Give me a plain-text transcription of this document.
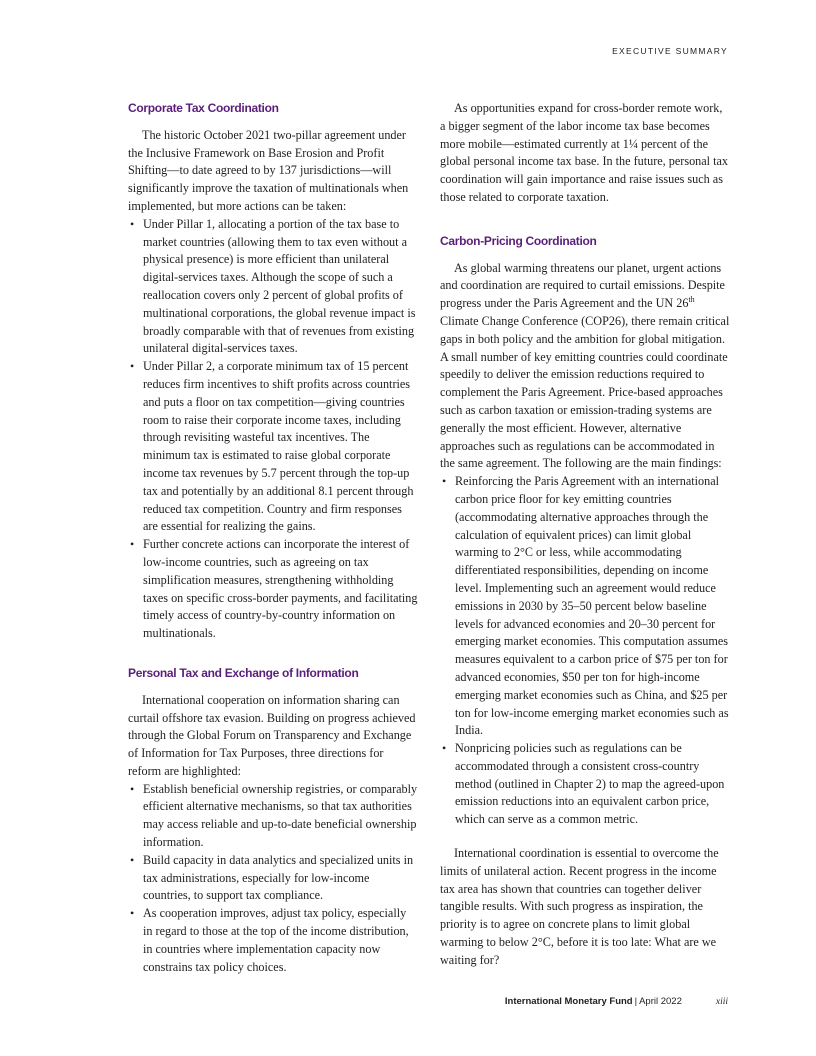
EXECUTIVE SUMMARY
Corporate Tax Coordination

The historic October 2021 two-pillar agreement under the Inclusive Framework on Base Erosion and Profit Shifting—to date agreed to by 137 jurisdictions—will significantly improve the taxation of multinationals when implemented, but more actions can be taken:

• Under Pillar 1, allocating a portion of the tax base to market countries (allowing them to tax even without a physical presence) is more efficient than unilateral digital-services taxes. Although the scope of such a reallocation covers only 2 percent of global profits of multinational corporations, the global revenue impact is broadly comparable with that of revenues from existing unilateral digital-services taxes.
• Under Pillar 2, a corporate minimum tax of 15 percent reduces firm incentives to shift profits across countries and puts a floor on tax competition—giving countries room to raise their corporate income taxes, including through revisiting wasteful tax incentives. The minimum tax is estimated to raise global corporate income tax revenues by 5.7 percent through the top-up tax and potentially by an additional 8.1 percent through reduced tax competition. Country and firm responses are essential for realizing the gains.
• Further concrete actions can incorporate the interest of low-income countries, such as agreeing on tax simplification measures, strengthening withholding taxes on specific cross-border payments, and facilitating timely access of country-by-country information on multinationals.
Personal Tax and Exchange of Information

International cooperation on information sharing can curtail offshore tax evasion. Building on progress achieved through the Global Forum on Transparency and Exchange of Information for Tax Purposes, three directions for reform are highlighted:

• Establish beneficial ownership registries, or comparably efficient alternative mechanisms, so that tax authorities may access reliable and up-to-date beneficial ownership information.
• Build capacity in data analytics and specialized units in tax administrations, especially for low-income countries, to support tax compliance.
• As cooperation improves, adjust tax policy, especially in regard to those at the top of the income distribution, in countries where implementation capacity now constrains tax policy choices.

As opportunities expand for cross-border remote work, a bigger segment of the labor income tax base becomes more mobile—estimated currently at 1¼ percent of the global personal income tax base. In the future, personal tax coordination will gain importance and raise issues such as those related to corporate taxation.

Carbon-Pricing Coordination

As global warming threatens our planet, urgent actions and coordination are required to curtail emissions. Despite progress under the Paris Agreement and the UN 26th Climate Change Conference (COP26), there remain critical gaps in both policy and the ambition for global mitigation. A small number of key emitting countries could coordinate speedily to deliver the emission reductions required to complement the Paris Agreement. Price-based approaches such as carbon taxation or emission-trading systems are generally the most efficient. However, alternative approaches such as regulations can be accommodated in the same agreement. The following are the main findings:

• Reinforcing the Paris Agreement with an international carbon price floor for key emitting countries (accommodating alternative approaches through the calculation of equivalent prices) can limit global warming to 2°C or less, while accommodating differentiated responsibilities, depending on income level. Implementing such an agreement would reduce emissions in 2030 by 35–50 percent below baseline levels for advanced economies and 20–30 percent for emerging market economies. This computation assumes measures equivalent to a carbon price of $75 per ton for advanced economies, $50 per ton for high-income emerging market economies such as China, and $25 per ton for low-income emerging market economies such as India.
• Nonpricing policies such as regulations can be accommodated through a consistent cross-country method (outlined in Chapter 2) to map the agreed-upon emission reductions into an equivalent carbon price, which can serve as a common metric.

International coordination is essential to overcome the limits of unilateral action. Recent progress in the income tax area has shown that countries can together deliver tangible results. With such progress as inspiration, the priority is to agree on concrete plans to limit global warming to below 2°C, before it is too late: What are we waiting for?

International Monetary Fund | April 2022	xiii
